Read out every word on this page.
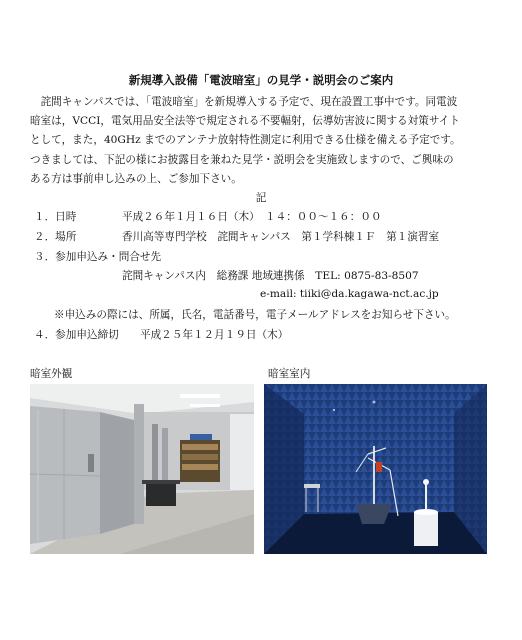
新規導入設備「電波暗室」の見学・説明会のご案内
　詫間キャンパスでは、「電波暗室」を新規導入する予定で、現在設置工事中です。同電波
暗室は，VCCI，電気用品安全法等で規定される不要輻射，伝導妨害波に関する対策サイト
として，また，40GHz までのアンテナ放射特性測定に利用できる仕様を備える予定です。
つきましては、下記の様にお披露目を兼ねた見学・説明会を実施致しますので、ご興味の
ある方は事前申し込みの上、ご参加下さい。
記
１．日時	平成２６年１月１６日（木）　１４：００～１６：００
２．場所	香川高等専門学校　詫間キャンパス　第１学科棟１Ｆ　第１演習室
３．参加申込み・問合せ先
詫間キャンパス内　総務課 地域連携係　TEL: 0875-83-8507
e-mail: tiiki@da.kagawa-nct.ac.jp
※申込みの際には、所属，氏名，電話番号，電子メールアドレスをお知らせ下さい。
４．参加申込締切 平成２５年１２月１９日（木）
暗室外観	暗室室内
